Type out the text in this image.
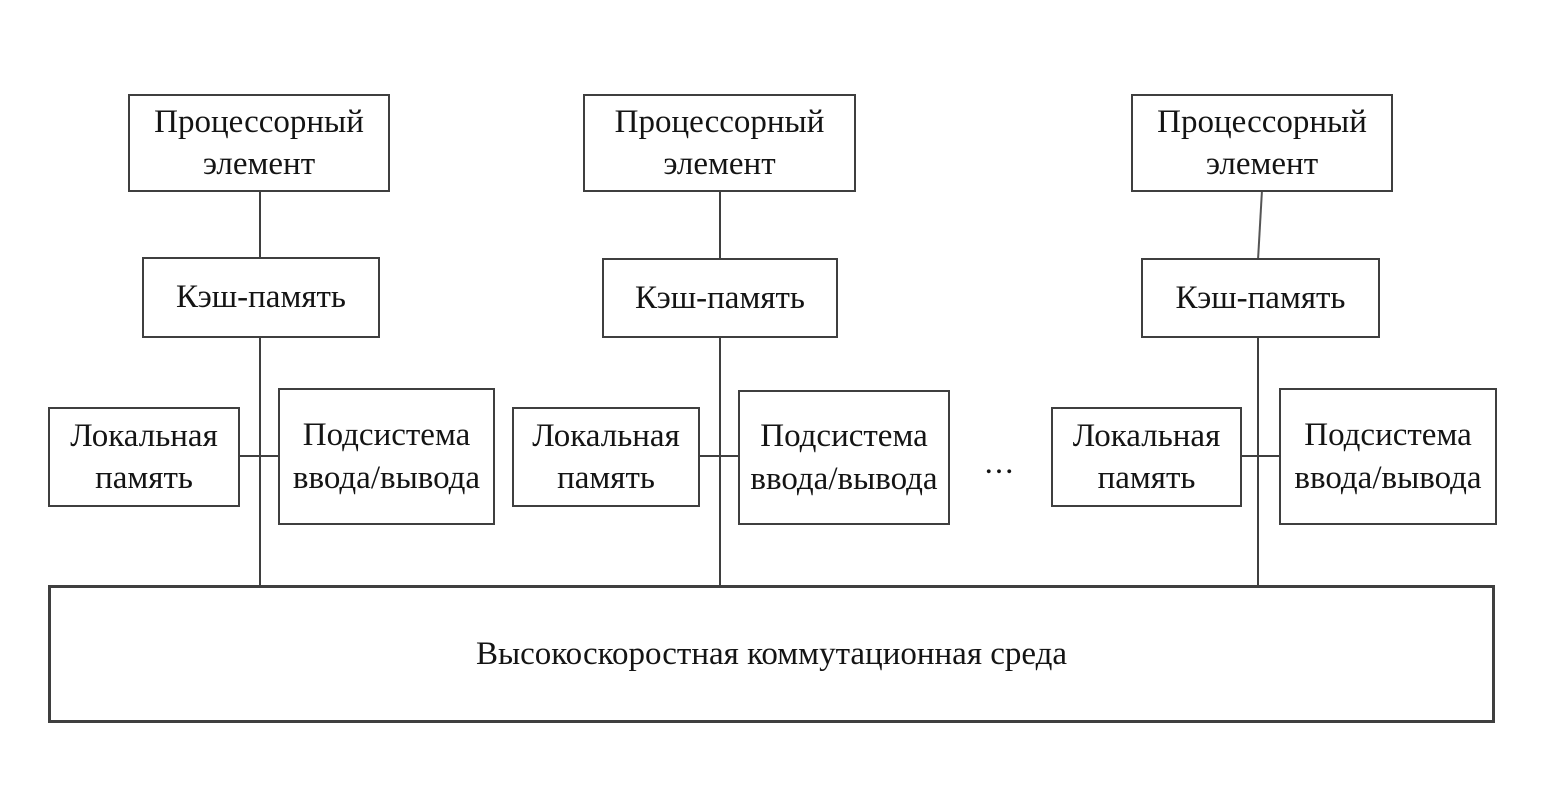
Процессорный элемент
Кэш-память
Локальная память
Подсистема ввода/вывода
Процессорный элемент
Кэш-память
Локальная память
Подсистема ввода/вывода	...
Процессорный элемент
Кэш-память
Локальная память
Подсистема ввода/вывода
Высокоскоростная коммутационная среда
